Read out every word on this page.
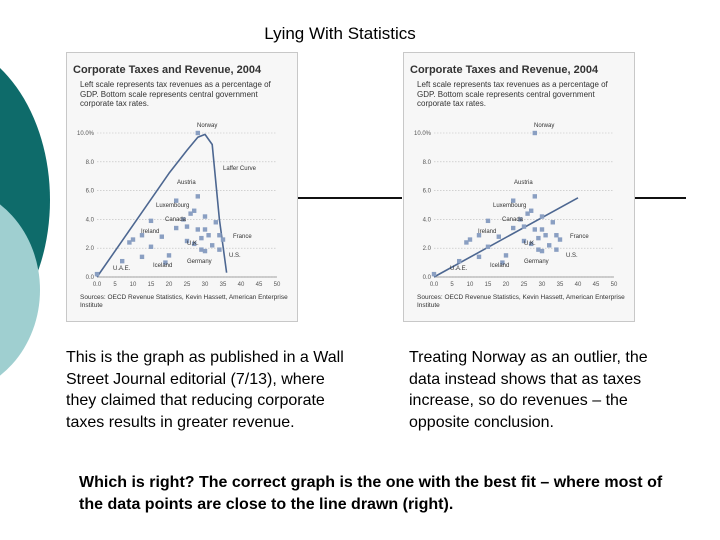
Lying With Statistics
Corporate Taxes and Revenue, 2004
Left scale represents tax revenues as a percentage of GDP. Bottom scale represents central government corporate tax rates.
0.0
2.0
4.0
6.0
8.0
10.0%
0.0 5 10 15 20 25 30 35 40 45 50
Norway
Austria
Luxembourg
Canada
Ireland
U.K.
France
Iceland
Germany
U.S.
U.A.E.
Laffer Curve
Sources: OECD Revenue Statistics, Kevin Hassett, American Enterprise Institute
Corporate Taxes and Revenue, 2004
Left scale represents tax revenues as a percentage of GDP. Bottom scale represents central government corporate tax rates.
0.0
2.0
4.0
6.0
8.0
10.0%
0.0 5 10 15 20 25 30 35 40 45 50
Norway
Austria
Luxembourg
Canada
Ireland
U.K.
France
Iceland
Germany
U.S.
U.A.E.
Sources: OECD Revenue Statistics, Kevin Hassett, American Enterprise Institute
This is the graph as published in a Wall Street Journal editorial (7/13), where they claimed that reducing corporate taxes results in greater revenue.
Treating Norway as an outlier, the data instead shows that as taxes increase, so do revenues – the opposite conclusion.
Which is right? The correct graph is the one with the best fit – where most of the data points are close to the line drawn (right).
